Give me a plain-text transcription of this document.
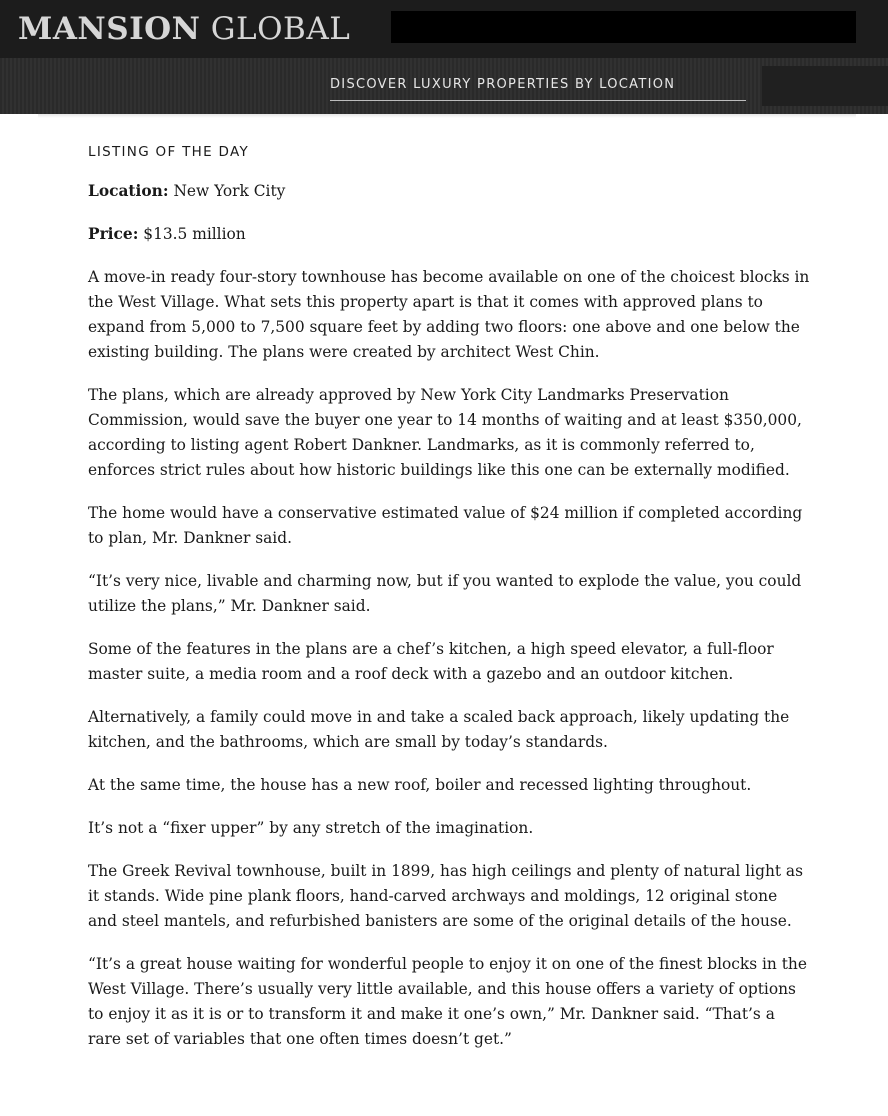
MANSION GLOBAL
DISCOVER LUXURY PROPERTIES BY LOCATION
LISTING OF THE DAY

Location: New York City

Price: $13.5 million

A move-in ready four-story townhouse has become available on one of the choicest blocks in the West Village. What sets this property apart is that it comes with approved plans to expand from 5,000 to 7,500 square feet by adding two floors: one above and one below the existing building. The plans were created by architect West Chin.

The plans, which are already approved by New York City Landmarks Preservation Commission, would save the buyer one year to 14 months of waiting and at least $350,000, according to listing agent Robert Dankner. Landmarks, as it is commonly referred to, enforces strict rules about how historic buildings like this one can be externally modified.

The home would have a conservative estimated value of $24 million if completed according to plan, Mr. Dankner said.

“It’s very nice, livable and charming now, but if you wanted to explode the value, you could utilize the plans,” Mr. Dankner said.

Some of the features in the plans are a chef’s kitchen, a high speed elevator, a full-floor master suite, a media room and a roof deck with a gazebo and an outdoor kitchen.

Alternatively, a family could move in and take a scaled back approach, likely updating the kitchen, and the bathrooms, which are small by today’s standards.

At the same time, the house has a new roof, boiler and recessed lighting throughout.

It’s not a “fixer upper” by any stretch of the imagination.

The Greek Revival townhouse, built in 1899, has high ceilings and plenty of natural light as it stands. Wide pine plank floors, hand-carved archways and moldings, 12 original stone and steel mantels, and refurbished banisters are some of the original details of the house.

“It’s a great house waiting for wonderful people to enjoy it on one of the finest blocks in the West Village. There’s usually very little available, and this house offers a variety of options to enjoy it as it is or to transform it and make it one’s own,” Mr. Dankner said. “That’s a rare set of variables that one often times doesn’t get.”
